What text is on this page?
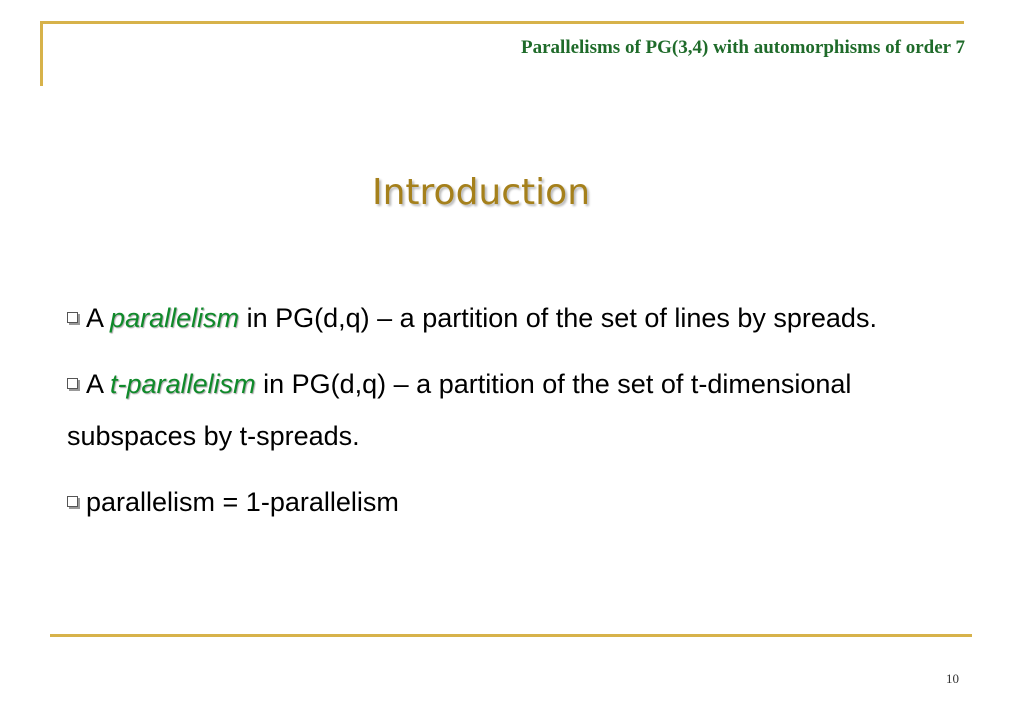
Parallelisms of PG(3,4) with automorphisms of order 7
Introduction
A parallelism in PG(d,q) – a partition of the set of lines by spreads.
A t-parallelism in PG(d,q) – a partition of the set of t-dimensional
subspaces by t-spreads.
parallelism = 1-parallelism
10
